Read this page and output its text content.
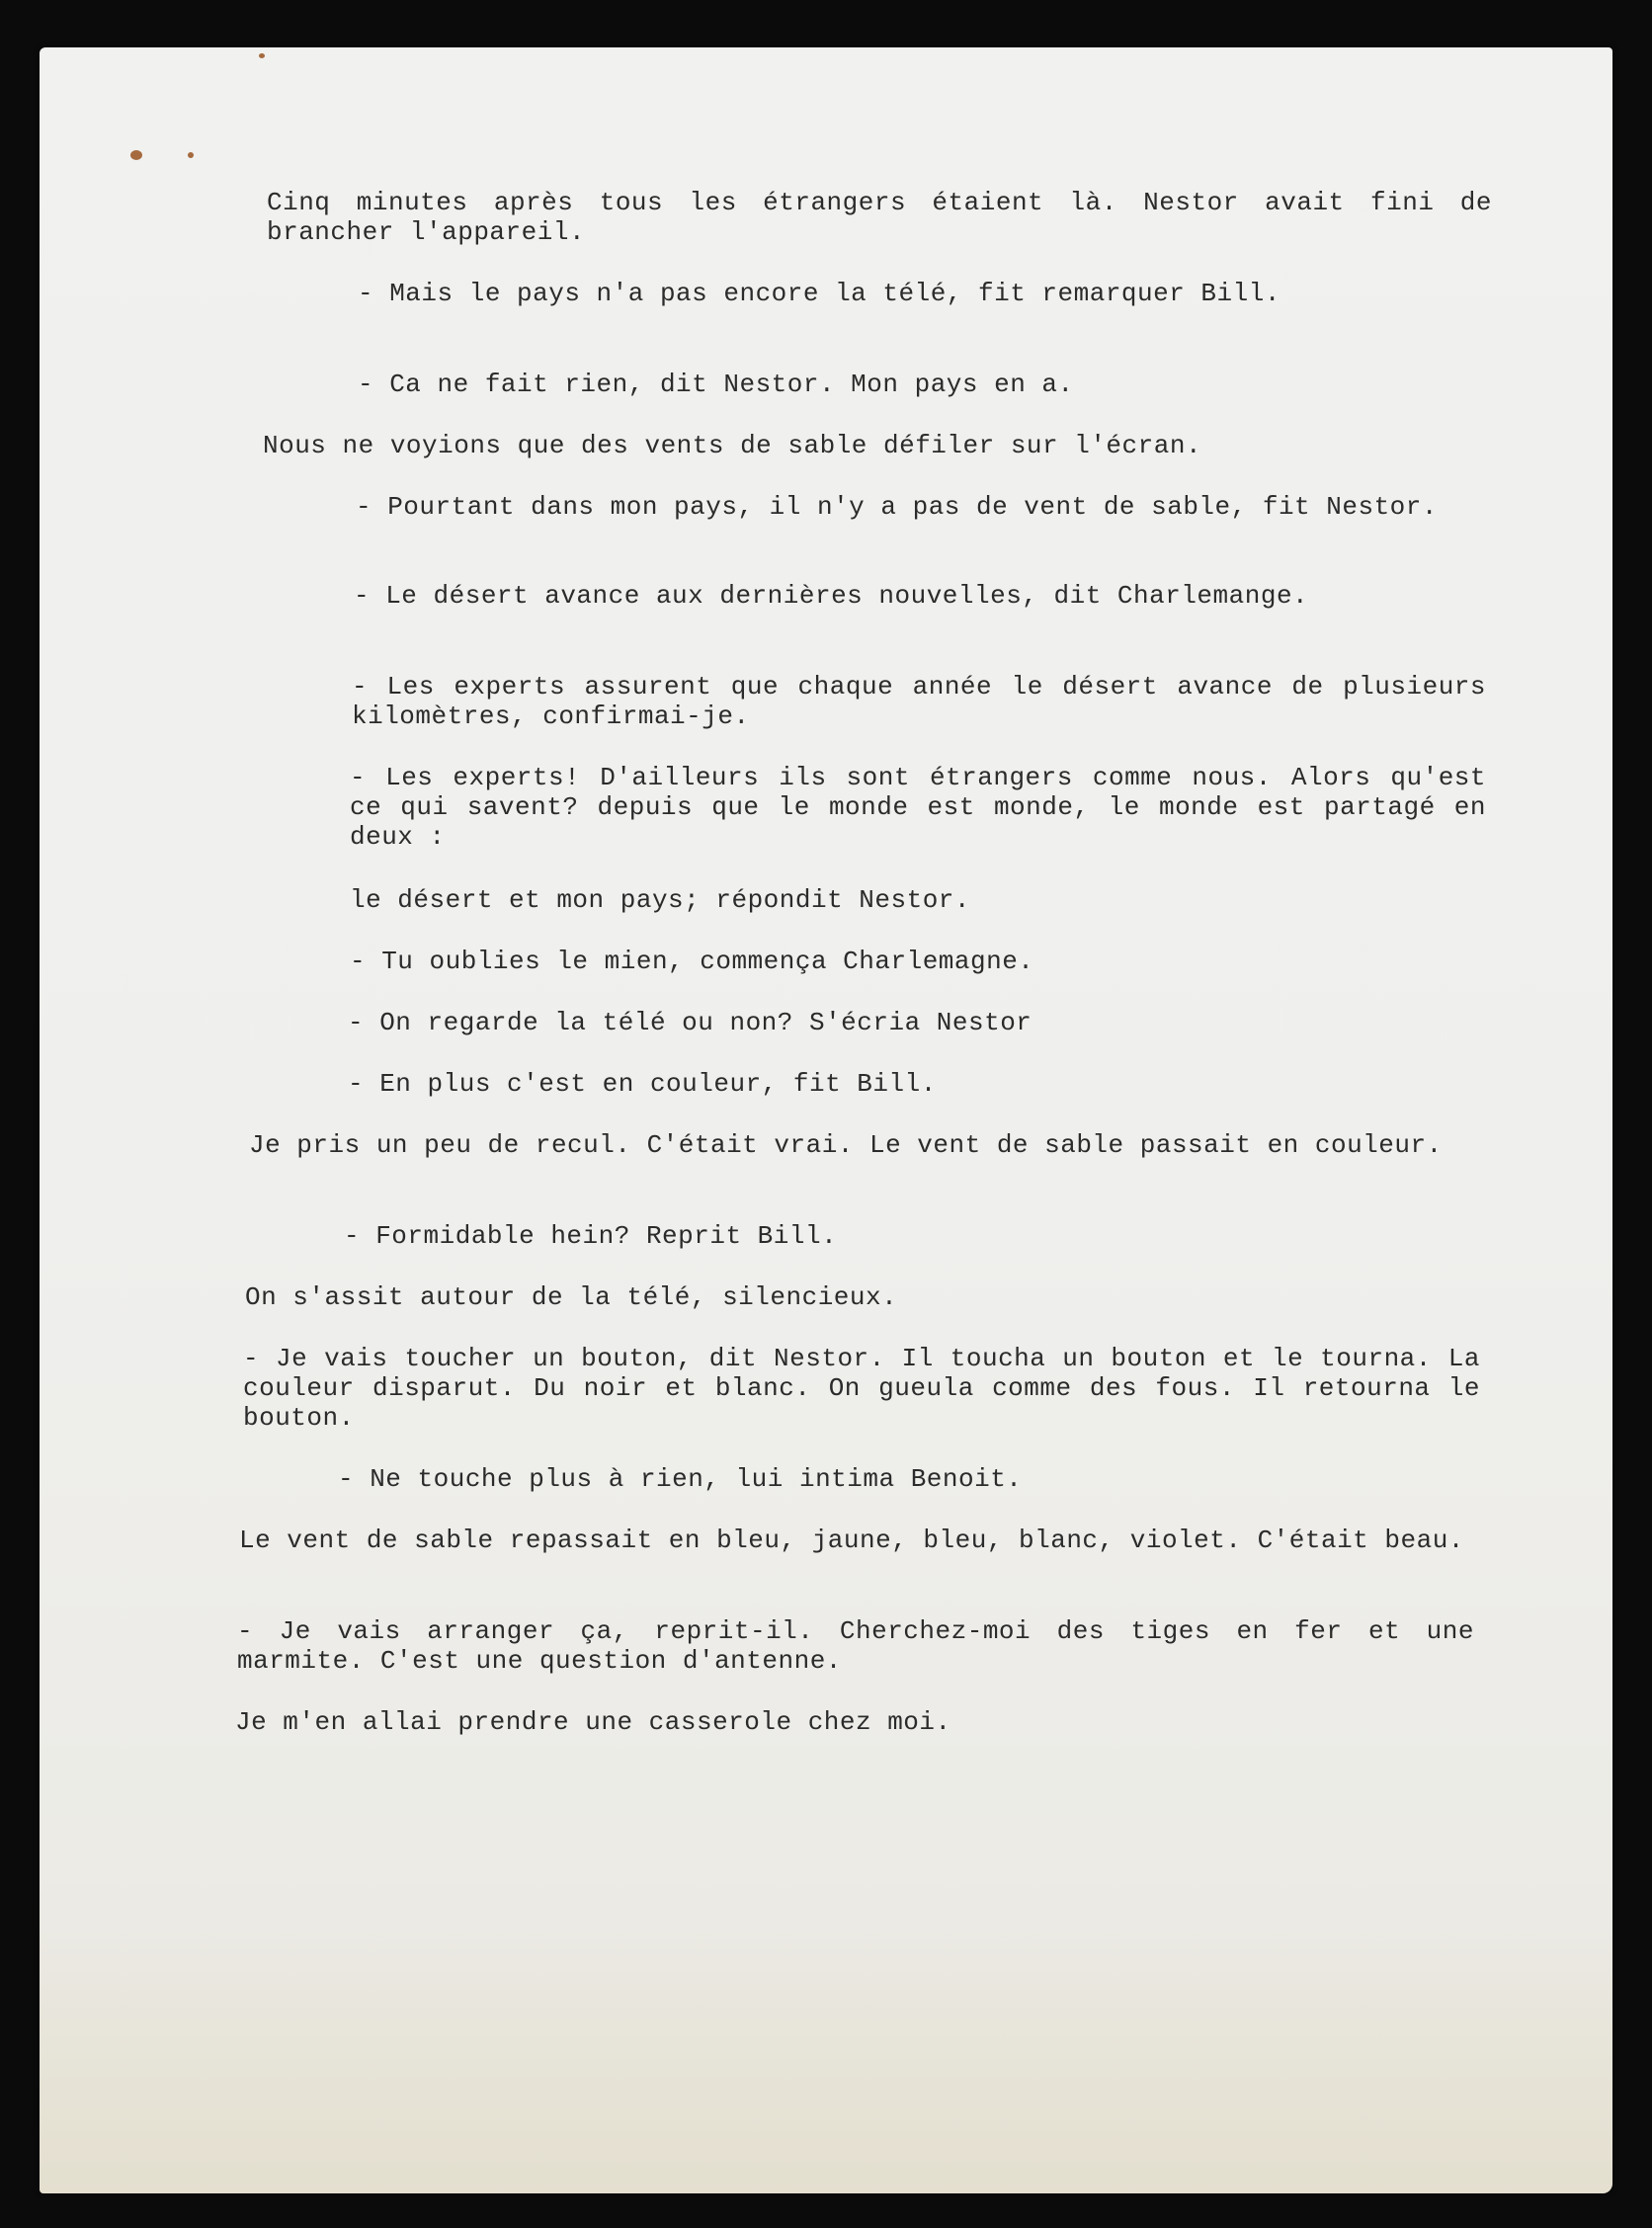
Cinq minutes après tous les étrangers étaient là. Nestor avait fini de brancher l'appareil.
- Mais le pays n'a pas encore la télé, fit remarquer Bill.
- Ca ne fait rien, dit Nestor. Mon pays en a.
Nous ne voyions que des vents de sable défiler sur l'écran.
- Pourtant dans mon pays, il n'y a pas de vent de sable, fit Nestor.
- Le désert avance aux dernières nouvelles, dit Charlemange.
- Les experts assurent que chaque année le désert avance de plusieurs kilomètres, confirmai-je.
- Les experts! D'ailleurs ils sont étrangers comme nous. Alors qu'est ce qui savent? depuis que le monde est monde, le monde est partagé en deux :
le désert et mon pays; répondit Nestor.
- Tu oublies le mien, commença Charlemagne.
- On regarde la télé ou non? S'écria Nestor
- En plus c'est en couleur, fit Bill.
Je pris un peu de recul. C'était vrai. Le vent de sable passait en couleur.
- Formidable hein? Reprit Bill.
On s'assit autour de la télé, silencieux.
- Je vais toucher un bouton, dit Nestor. Il toucha un bouton et le tourna. La couleur disparut. Du noir et blanc. On gueula comme des fous. Il retourna le bouton.
- Ne touche plus à rien, lui intima Benoit.
Le vent de sable repassait en bleu, jaune, bleu, blanc, violet. C'était beau.
- Je vais arranger ça, reprit-il. Cherchez-moi des tiges en fer et une marmite. C'est une question d'antenne.
Je m'en allai prendre une casserole chez moi.
